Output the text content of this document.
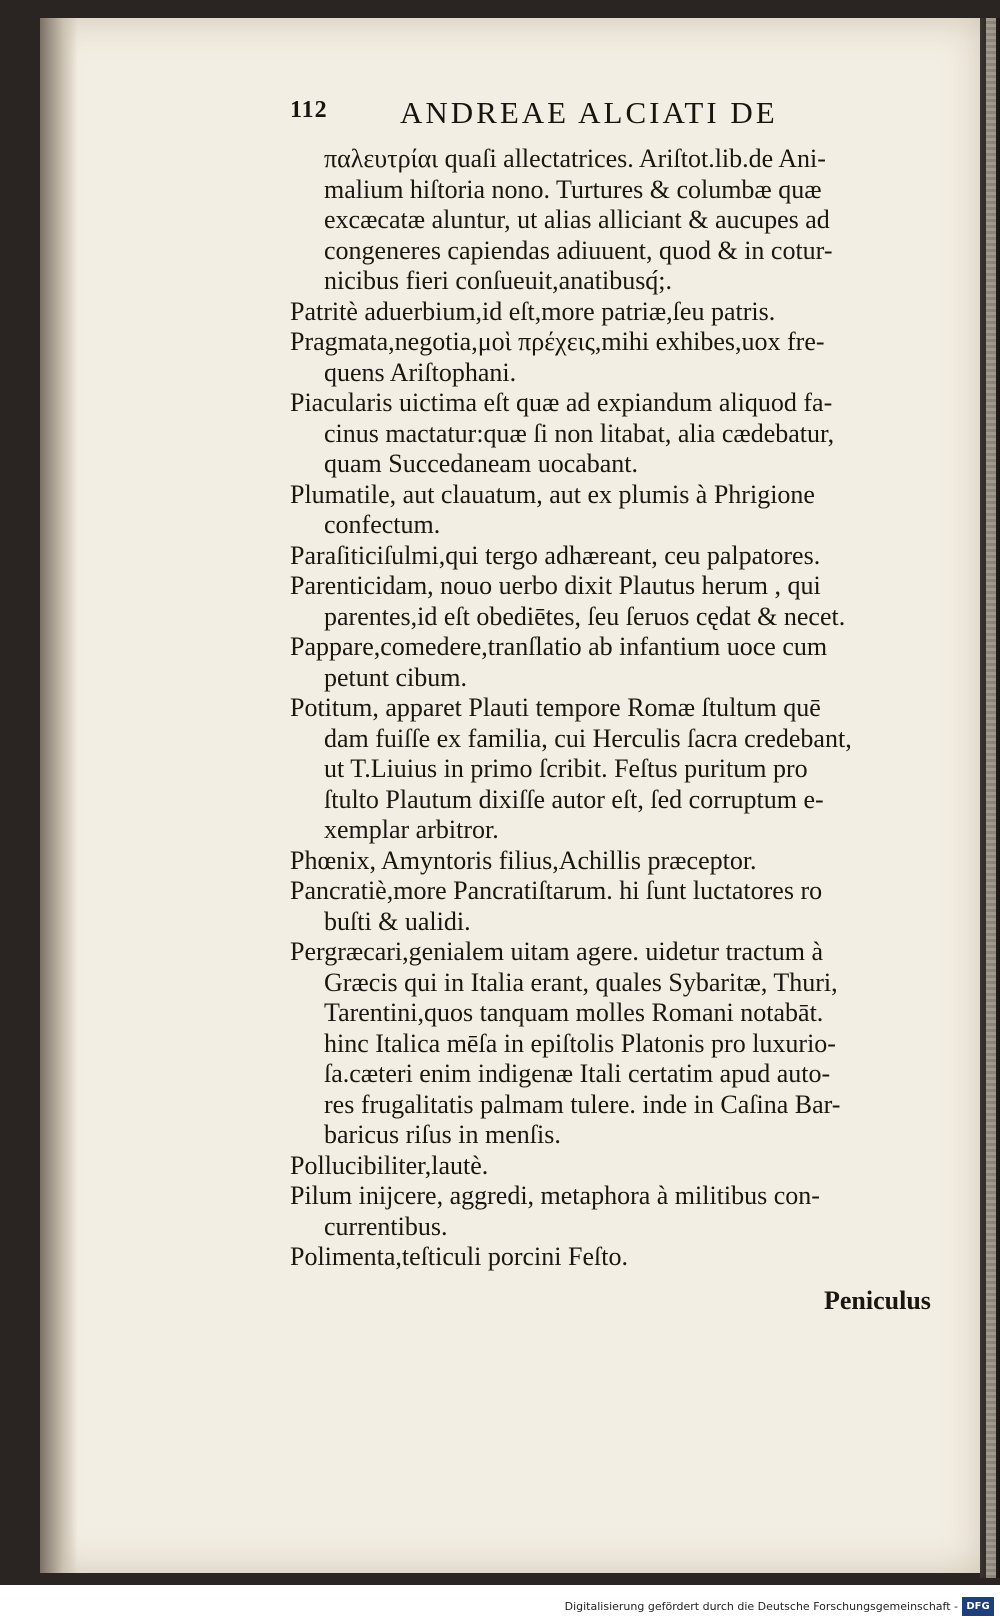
112 ANDREAE ALCIATI DE
παλευτρίαι quaſi allectatrices. Ariſtot.lib.de Ani-
malium hiſtoria nono. Turtures & columbæ quæ
excæcatæ aluntur, ut alias alliciant & aucupes ad
congeneres capiendas adiuuent, quod & in cotur-
nicibus fieri conſueuit,anatibusq́;.
Patritè aduerbium,id eſt,more patriæ,ſeu patris.
Pragmata,negotia,μοὶ πρέχεις,mihi exhibes,uox fre-
quens Ariſtophani.
Piacularis uictima eſt quæ ad expiandum aliquod fa-
cinus mactatur:quæ ſi non litabat, alia cædebatur,
quam Succedaneam uocabant.
Plumatile, aut clauatum, aut ex plumis à Phrigione
confectum.
Paraſiticiſulmi,qui tergo adhæreant, ceu palpatores.
Parenticidam, nouo uerbo dixit Plautus herum , qui
parentes,id eſt obediētes, ſeu ſeruos cędat & necet.
Pappare,comedere,tranſlatio ab infantium uoce cum
petunt cibum.
Potitum, apparet Plauti tempore Romæ ſtultum quē
dam fuiſſe ex familia, cui Herculis ſacra credebant,
ut T.Liuius in primo ſcribit. Feſtus puritum pro
ſtulto Plautum dixiſſe autor eſt, ſed corruptum e-
xemplar arbitror.
Phœnix, Amyntoris filius,Achillis præceptor.
Pancratiè,more Pancratiſtarum. hi ſunt luctatores ro
buſti & ualidi.
Pergræcari,genialem uitam agere. uidetur tractum à
Græcis qui in Italia erant, quales Sybaritæ, Thuri,
Tarentini,quos tanquam molles Romani notabāt.
hinc Italica mēſa in epiſtolis Platonis pro luxurio-
ſa.cæteri enim indigenæ Itali certatim apud auto-
res frugalitatis palmam tulere. inde in Caſina Bar-
baricus riſus in menſis.
Pollucibiliter,lautè.
Pilum inijcere, aggredi, metaphora à militibus con-
currentibus.
Polimenta,teſticuli porcini Feſto.
Peniculus
Digitalisierung gefördert durch die Deutsche Forschungsgemeinschaft - DFG
